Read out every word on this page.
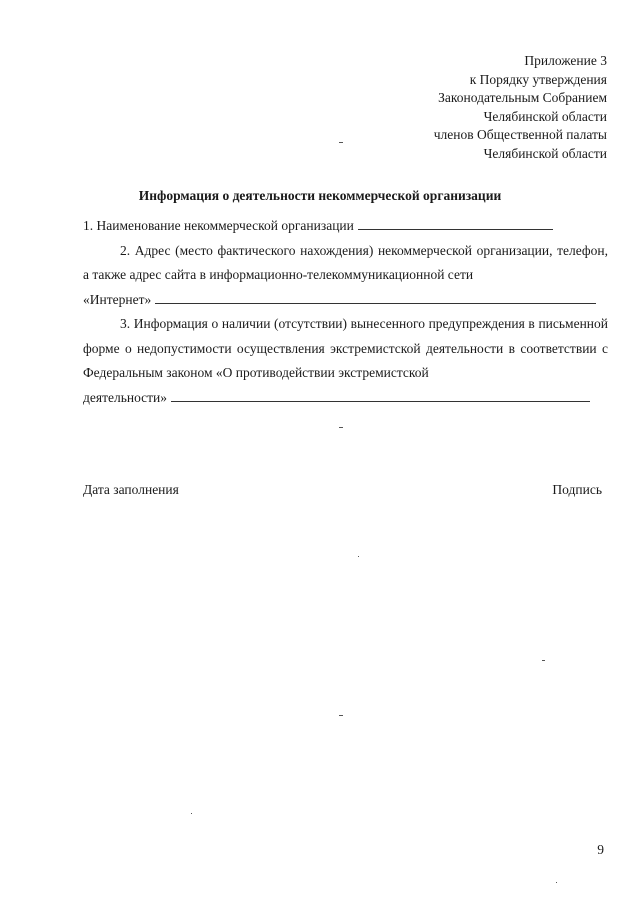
Приложение 3
к Порядку утверждения
Законодательным Собранием
Челябинской области
членов Общественной палаты
Челябинской области
Информация о деятельности некоммерческой организации
1. Наименование некоммерческой организации
2. Адрес (место фактического нахождения) некоммерческой организации, телефон, а также адрес сайта в информационно-телекоммуникационной сети
«Интернет»
3. Информация о наличии (отсутствии) вынесенного предупреждения в письменной форме о недопустимости осуществления экстремистской деятельности в соответствии с Федеральным законом «О противодействии экстремистской
деятельности»
Дата заполнения	Подпись
9
